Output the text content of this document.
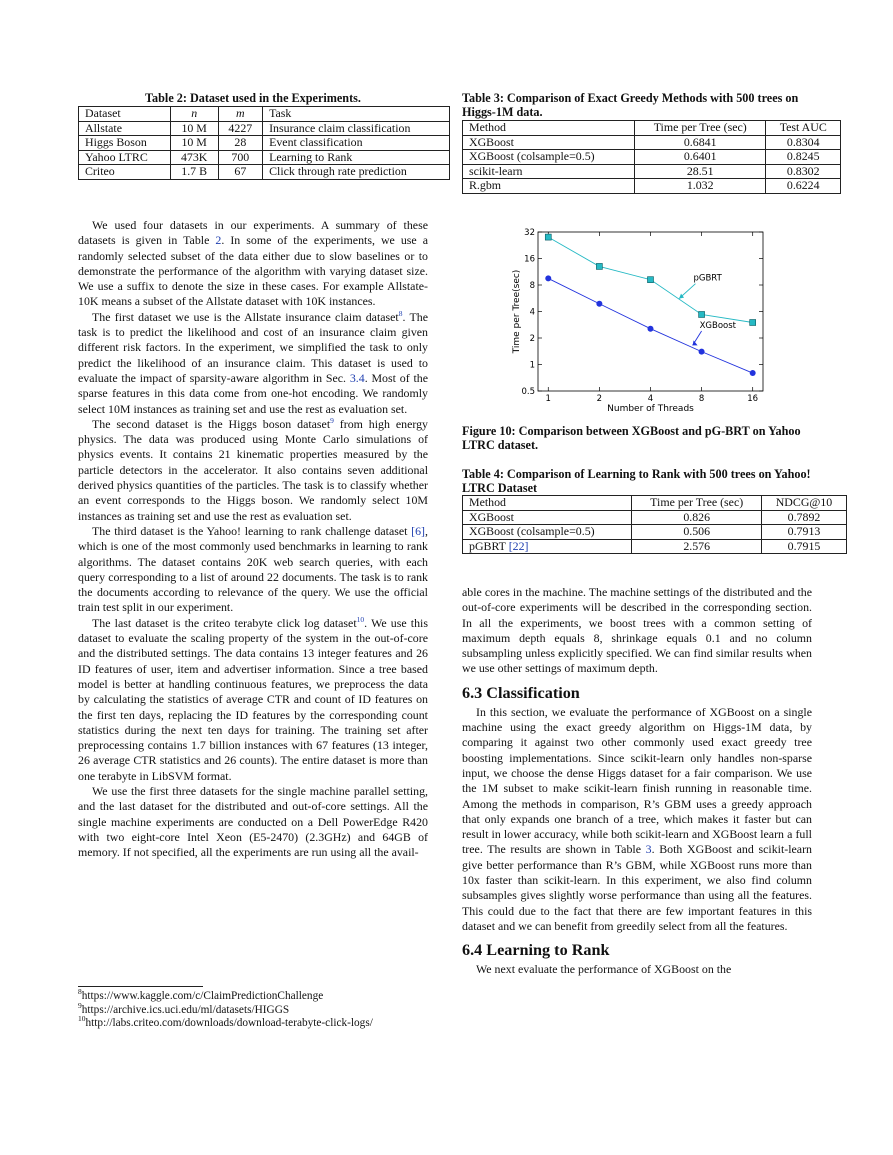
Table 2: Dataset used in the Experiments.
Dataset	n	m	Task
Allstate	10 M	4227	Insurance claim classification
Higgs Boson	10 M	28	Event classification
Yahoo LTRC	473K	700	Learning to Rank
Criteo	1.7 B	67	Click through rate prediction

We used four datasets in our experiments. A summary of these datasets is given in Table 2. In some of the experiments, we use a randomly selected subset of the data either due to slow baselines or to demonstrate the performance of the algorithm with varying dataset size. We use a suffix to denote the size in these cases. For example Allstate-10K means a subset of the Allstate dataset with 10K instances.

The first dataset we use is the Allstate insurance claim dataset$^8$. The task is to predict the likelihood and cost of an insurance claim given different risk factors. In the experiment, we simplified the task to only predict the likelihood of an insurance claim. This dataset is used to evaluate the impact of sparsity-aware algorithm in Sec. 3.4. Most of the sparse features in this data come from one-hot encoding. We randomly select 10M instances as training set and use the rest as evaluation set.

The second dataset is the Higgs boson dataset$^9$ from high energy physics. The data was produced using Monte Carlo simulations of physics events. It contains 21 kinematic properties measured by the particle detectors in the accelerator. It also contains seven additional derived physics quantities of the particles. The task is to classify whether an event corresponds to the Higgs boson. We randomly select 10M instances as training set and use the rest as evaluation set.

The third dataset is the Yahoo! learning to rank challenge dataset [6], which is one of the most commonly used benchmarks in learning to rank algorithms. The dataset contains 20K web search queries, with each query corresponding to a list of around 22 documents. The task is to rank the documents according to relevance of the query. We use the official train test split in our experiment.

The last dataset is the criteo terabyte click log dataset$^{10}$. We use this dataset to evaluate the scaling property of the system in the out-of-core and the distributed settings. The data contains 13 integer features and 26 ID features of user, item and advertiser information. Since a tree based model is better at handling continuous features, we preprocess the data by calculating the statistics of average CTR and count of ID features on the first ten days, replacing the ID features by the corresponding count statistics during the next ten days for training. The training set after preprocessing contains 1.7 billion instances with 67 features (13 integer, 26 average CTR statistics and 26 counts). The entire dataset is more than one terabyte in LibSVM format.

We use the first three datasets for the single machine parallel setting, and the last dataset for the distributed and out-of-core settings. All the single machine experiments are conducted on a Dell PowerEdge R420 with two eight-core Intel Xeon (E5-2470) (2.3GHz) and 64GB of memory. If not specified, all the experiments are run using all the avail-

$^8$https://www.kaggle.com/c/ClaimPredictionChallenge

$^9$https://archive.ics.uci.edu/ml/datasets/HIGGS

$^{10}$http://labs.criteo.com/downloads/download-terabyte-click-logs/

Table 3: Comparison of Exact Greedy Methods with 500 trees on Higgs-1M data.
Method	Time per Tree (sec)	Test AUC
XGBoost	0.6841	0.8304
XGBoost (colsample=0.5)	0.6401	0.8245
scikit-learn	28.51	0.8302
R.gbm	1.032	0.6224
0.5
1
2
4
8
16
32
1	2	4	8	16
Number of Threads
Time per Tree(sec)	pGBRT
XGBoost
Figure 10: Comparison between XGBoost and pG-BRT on Yahoo LTRC dataset.
Table 4: Comparison of Learning to Rank with 500 trees on Yahoo! LTRC Dataset
Method	Time per Tree (sec)	NDCG@10
XGBoost	0.826	0.7892
XGBoost (colsample=0.5)	0.506	0.7913
pGBRT [22]	2.576	0.7915

able cores in the machine. The machine settings of the distributed and the out-of-core experiments will be described in the corresponding section. In all the experiments, we boost trees with a common setting of maximum depth equals 8, shrinkage equals 0.1 and no column subsampling unless explicitly specified. We can find similar results when we use other settings of maximum depth.

6.3 Classification

In this section, we evaluate the performance of XGBoost on a single machine using the exact greedy algorithm on Higgs-1M data, by comparing it against two other commonly used exact greedy tree boosting implementations. Since scikit-learn only handles non-sparse input, we choose the dense Higgs dataset for a fair comparison. We use the 1M subset to make scikit-learn finish running in reasonable time. Among the methods in comparison, R’s GBM uses a greedy approach that only expands one branch of a tree, which makes it faster but can result in lower accuracy, while both scikit-learn and XGBoost learn a full tree. The results are shown in Table 3. Both XGBoost and scikit-learn give better performance than R’s GBM, while XGBoost runs more than 10x faster than scikit-learn. In this experiment, we also find column subsamples gives slightly worse performance than using all the features. This could due to the fact that there are few important features in this dataset and we can benefit from greedily select from all the features.

6.4 Learning to Rank

We next evaluate the performance of XGBoost on the
